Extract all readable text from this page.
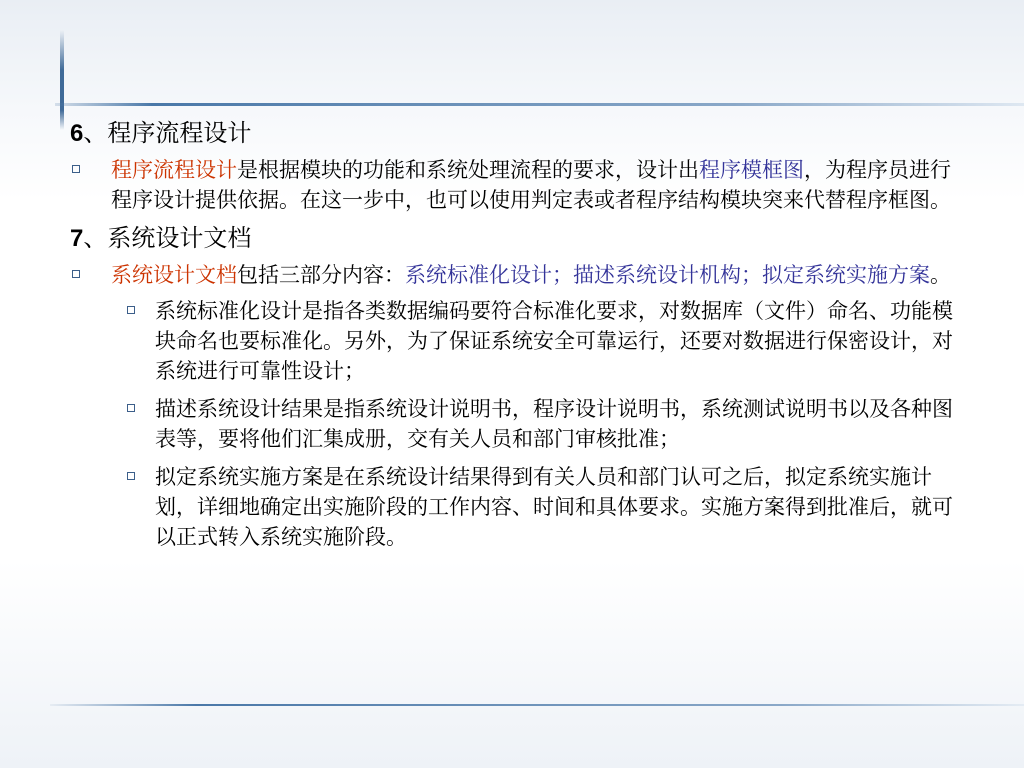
6、程序流程设计

程序流程设计是根据模块的功能和系统处理流程的要求，设计出程序模框图，为程序员进行程序设计提供依据。在这一步中，也可以使用判定表或者程序结构模块突来代替程序框图。

7、系统设计文档

系统设计文档包括三部分内容：系统标准化设计；描述系统设计机构；拟定系统实施方案。
系统标准化设计是指各类数据编码要符合标准化要求，对数据库（文件）命名、功能模块命名也要标准化。另外，为了保证系统安全可靠运行，还要对数据进行保密设计，对系统进行可靠性设计；
描述系统设计结果是指系统设计说明书，程序设计说明书，系统测试说明书以及各种图表等，要将他们汇集成册，交有关人员和部门审核批准；
拟定系统实施方案是在系统设计结果得到有关人员和部门认可之后，拟定系统实施计划，详细地确定出实施阶段的工作内容、时间和具体要求。实施方案得到批准后，就可以正式转入系统实施阶段。
